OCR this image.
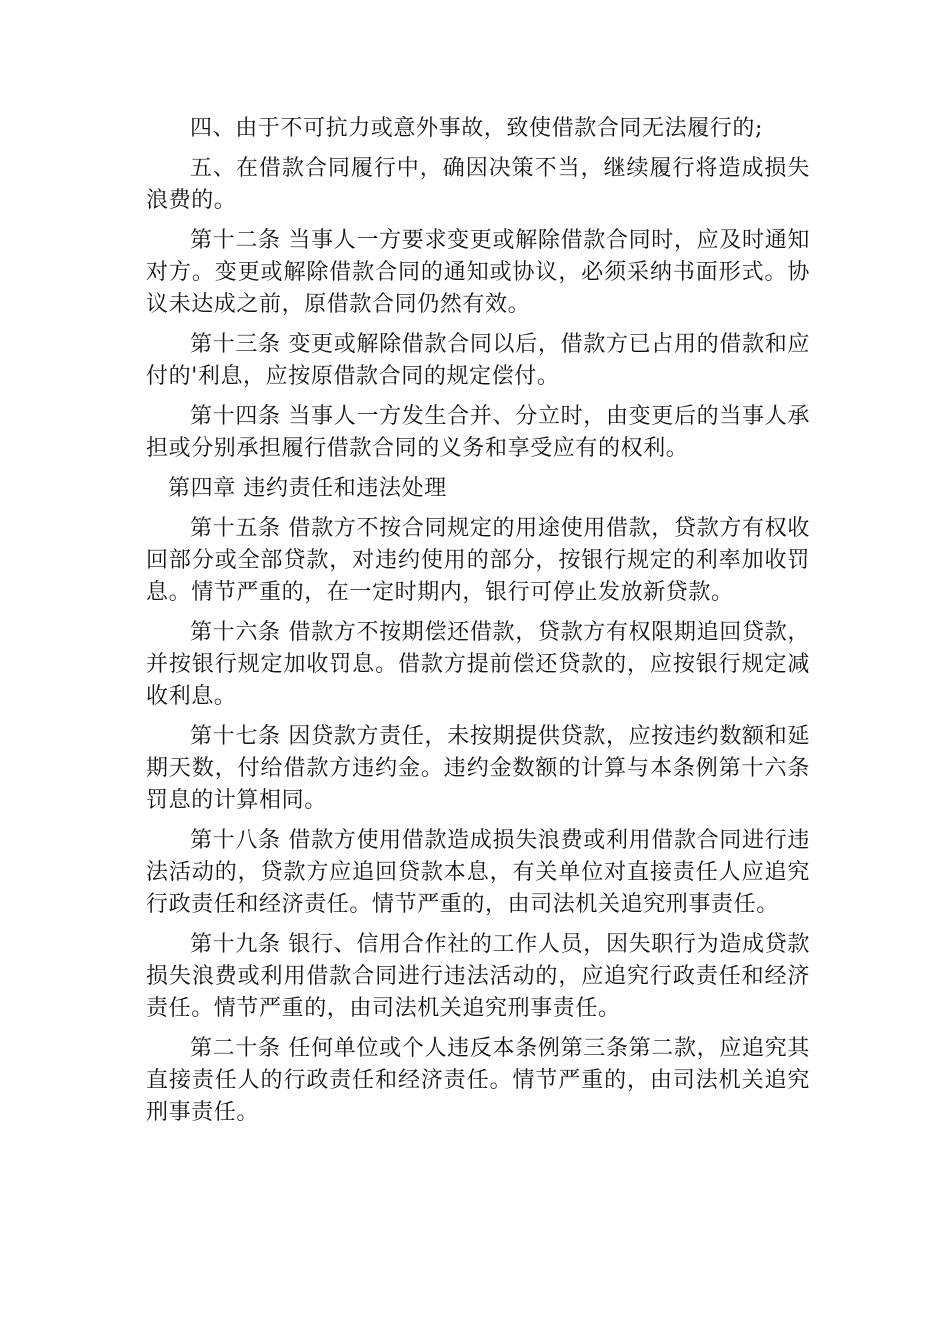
四、由于不可抗力或意外事故，致使借款合同无法履行的;

五、在借款合同履行中，确因决策不当，继续履行将造成损失浪费的。

第十二条 当事人一方要求变更或解除借款合同时，应及时通知对方。变更或解除借款合同的通知或协议，必须采纳书面形式。协议未达成之前，原借款合同仍然有效。

第十三条 变更或解除借款合同以后，借款方已占用的借款和应付的'利息，应按原借款合同的规定偿付。

第十四条 当事人一方发生合并、分立时，由变更后的当事人承担或分别承担履行借款合同的义务和享受应有的权利。

第四章 违约责任和违法处理

第十五条 借款方不按合同规定的用途使用借款，贷款方有权收回部分或全部贷款，对违约使用的部分，按银行规定的利率加收罚息。情节严重的，在一定时期内，银行可停止发放新贷款。

第十六条 借款方不按期偿还借款，贷款方有权限期追回贷款，并按银行规定加收罚息。借款方提前偿还贷款的，应按银行规定减收利息。

第十七条 因贷款方责任，未按期提供贷款，应按违约数额和延期天数，付给借款方违约金。违约金数额的计算与本条例第十六条罚息的计算相同。

第十八条 借款方使用借款造成损失浪费或利用借款合同进行违法活动的，贷款方应追回贷款本息，有关单位对直接责任人应追究行政责任和经济责任。情节严重的，由司法机关追究刑事责任。

第十九条 银行、信用合作社的工作人员，因失职行为造成贷款损失浪费或利用借款合同进行违法活动的，应追究行政责任和经济责任。情节严重的，由司法机关追究刑事责任。

第二十条 任何单位或个人违反本条例第三条第二款，应追究其直接责任人的行政责任和经济责任。情节严重的，由司法机关追究刑事责任。
